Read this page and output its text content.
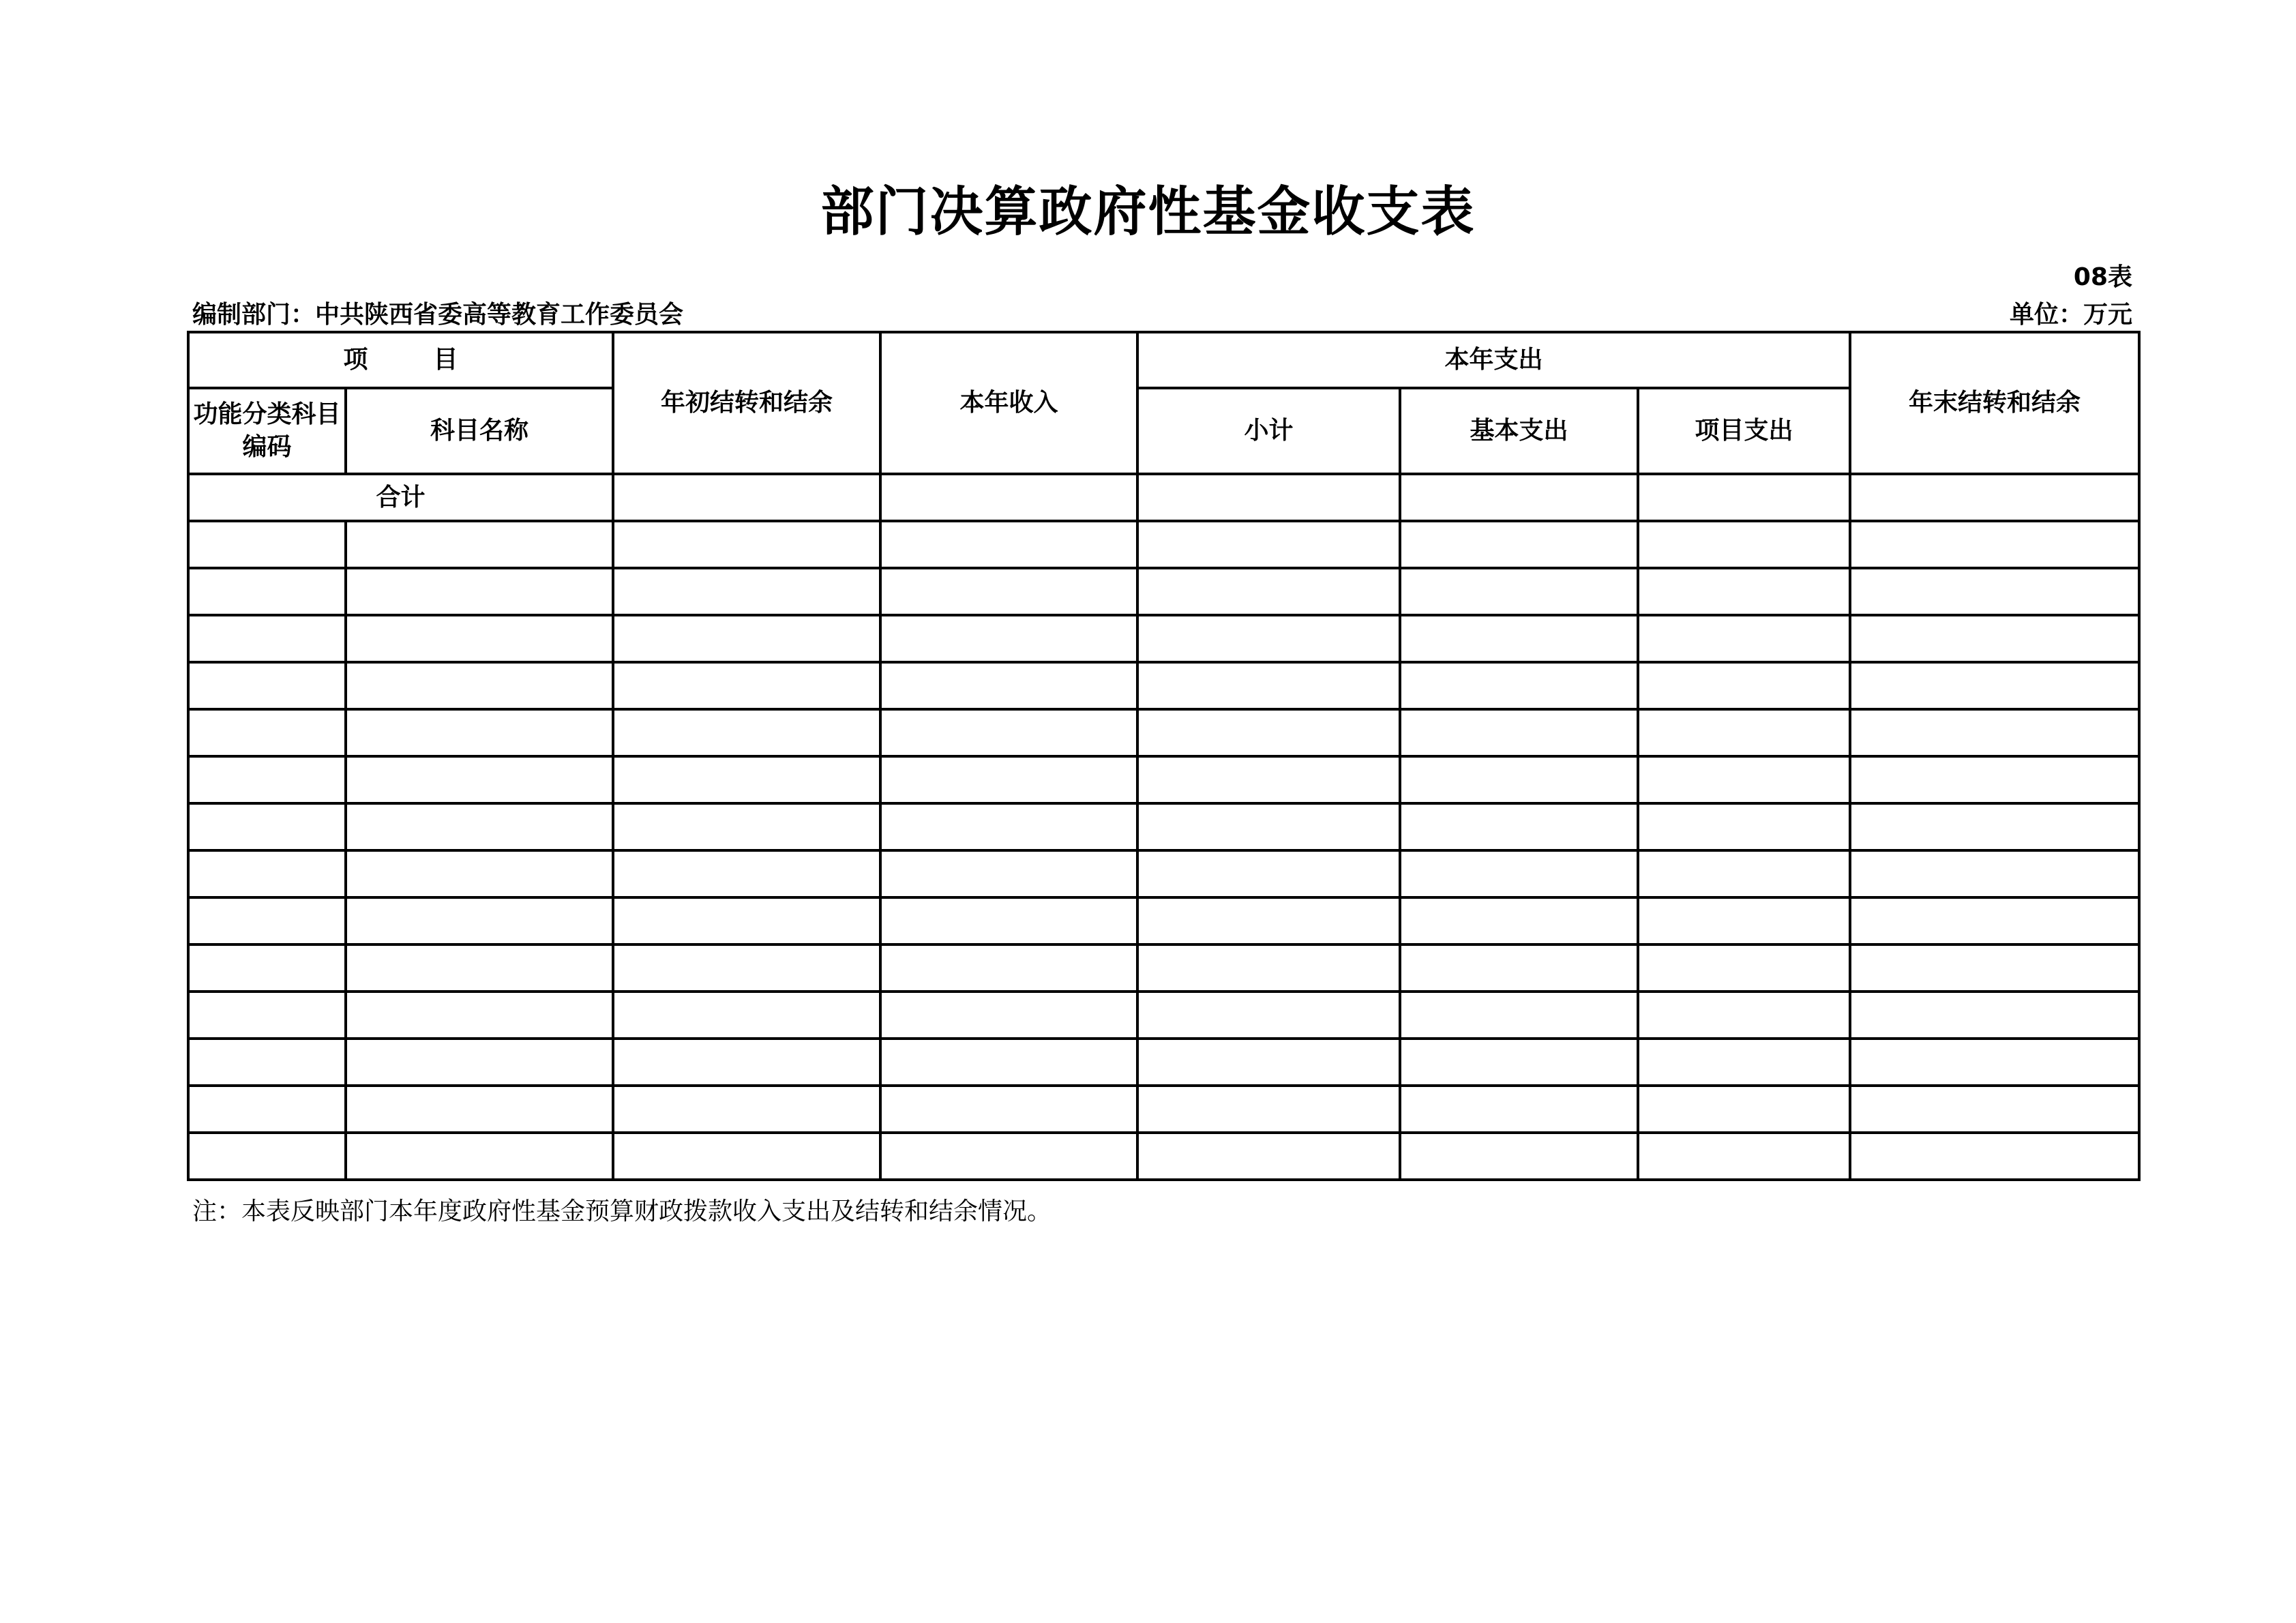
部门决算政府性基金收支表
08表
编制部门：中共陕西省委高等教育工作委员会	单位：万元
项 目		年初结转和结余	本年收入	本年支出			年末结转和结余
功能分类科目编码	科目名称			小计	基本支出	项目支出	
合计							

注：本表反映部门本年度政府性基金预算财政拨款收入支出及结转和结余情况。
